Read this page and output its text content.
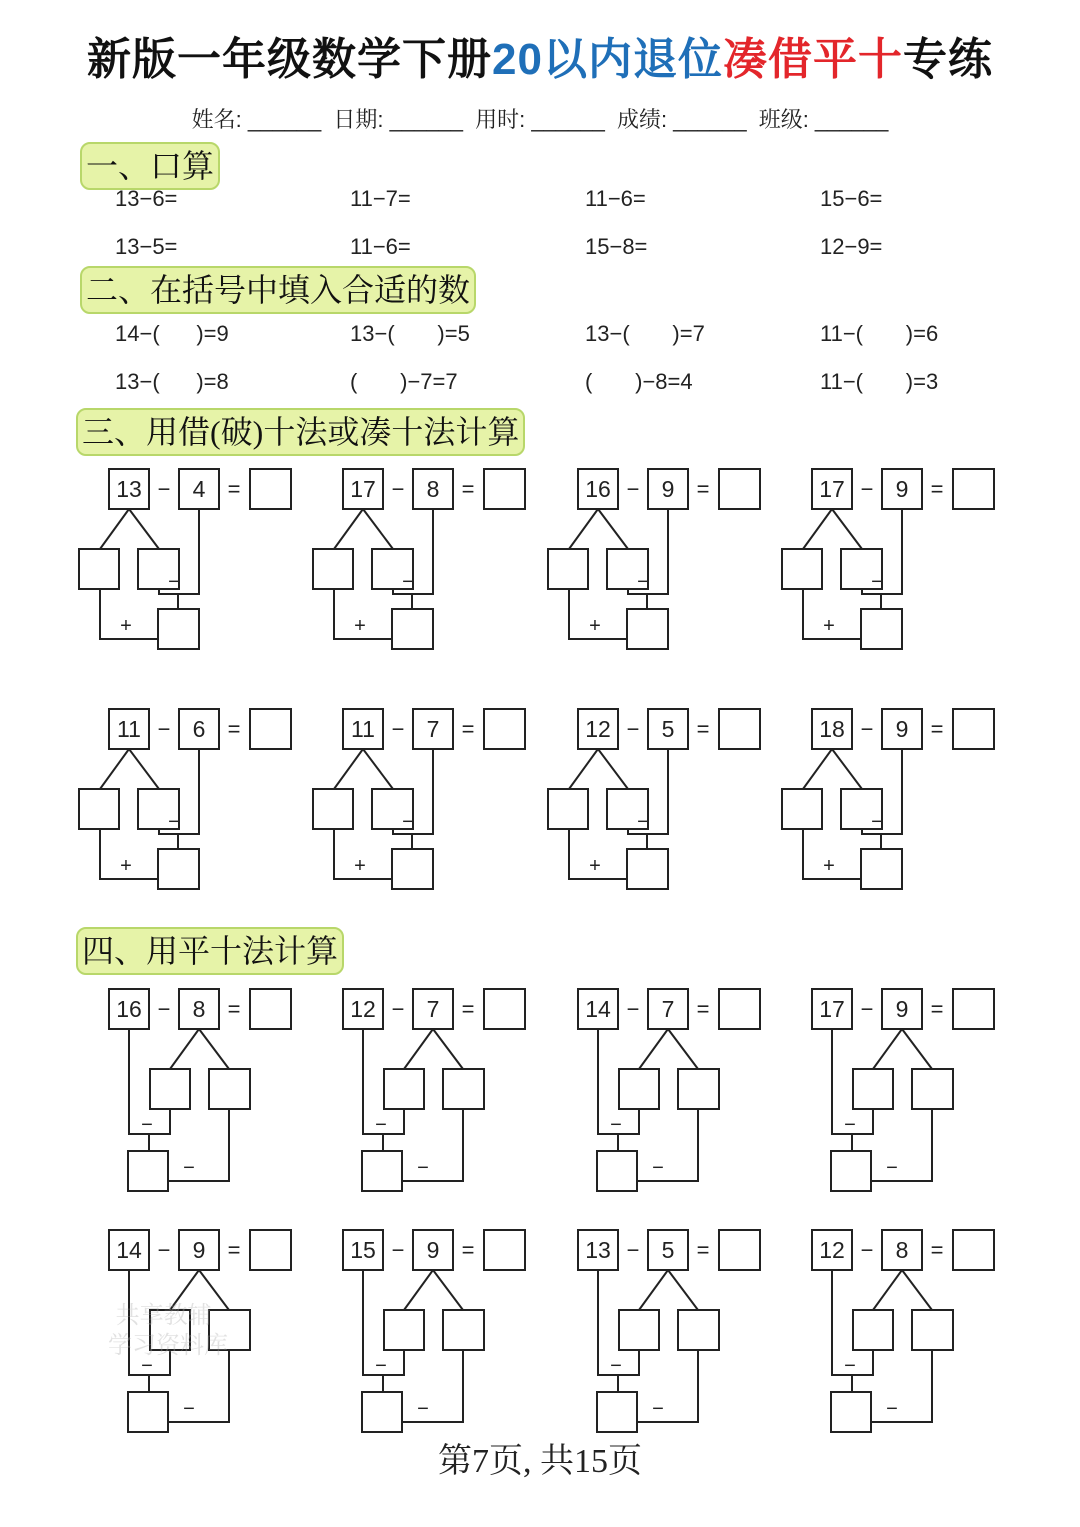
新版一年级数学下册20以内退位凑借平十专练
姓名: ______ 日期: ______ 用时: ______ 成绩: ______ 班级: ______
一、口算
13−6=	11−7=	11−6=	15−6=
13−5=	11−6=	15−8=	12−9=
二、在括号中填入合适的数
14−(      )=9	13−(       )=5	13−(       )=7	11−(       )=6
13−(      )=8	(       )−7=7	(       )−8=4	11−(       )=3
三、用借(破)十法或凑十法计算
四、用平十法计算
13 − 4 =
−
+
17 − 8 =
−
+
16 − 9 =
−
+
17 − 9 =
−
+
11 − 6 =
−
+
11 − 7 =
−
+
12 − 5 =
−
+
18 − 9 =
−
+
16 − 8 =
−
−
12 − 7 =
−
−
14 − 7 =
−
−
17 − 9 =
−
−
14 − 9 =
−
−
15 − 9 =
−
−
13 − 5 =
−
−
12 − 8 =
−
−
共享教辅
学习资料库
第7页, 共15页
